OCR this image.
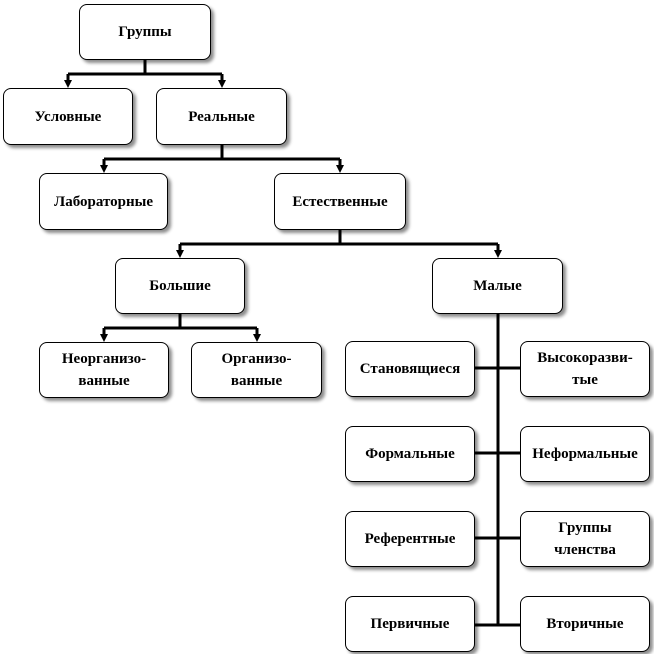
Группы
Условные	Реальные
Лабораторные	Естественные
Большие	Малые
Неорганизо-
ванные
Организо-
ванные
Становящиеся
Высокоразви-
тые
Формальные	Неформальные
Референтные
Группы
членства
Первичные	Вторичные
